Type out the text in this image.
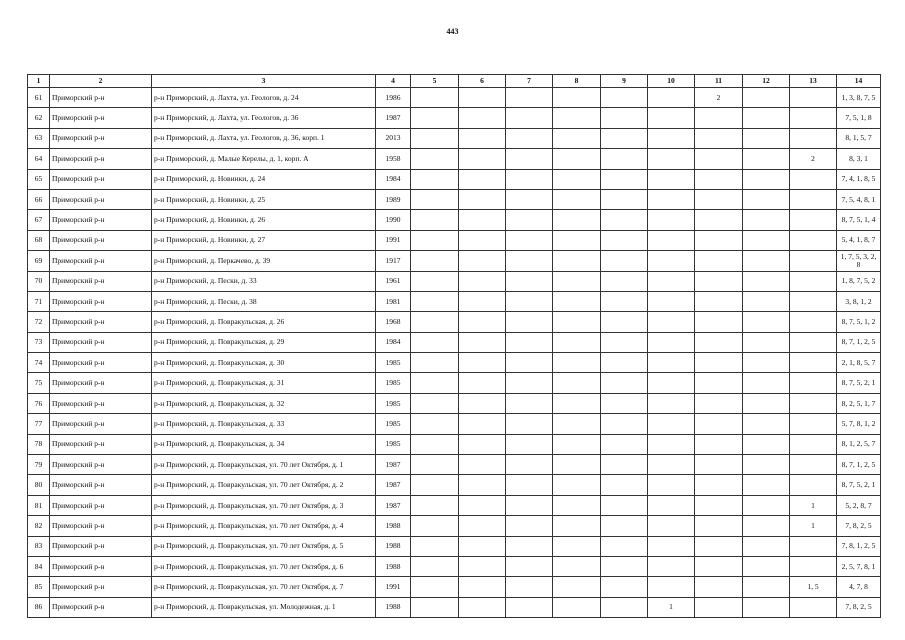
443
1	2	3	4	5	6	7	8	9	10	11	12	13	14
61	Приморский р-н	р-н Приморский, д. Лахта, ул. Геологов, д. 24	1986							2			1, 3, 8, 7, 5
62	Приморский р-н	р-н Приморский, д. Лахта, ул. Геологов, д. 36	1987										7, 5, 1, 8
63	Приморский р-н	р-н Приморский, д. Лахта, ул. Геологов, д. 36, корп. 1	2013										8, 1, 5, 7
64	Приморский р-н	р-н Приморский, д. Малые Керелы, д. 1, корп. А	1958									2	8, 3, 1
65	Приморский р-н	р-н Приморский, д. Новинки, д. 24	1984										7, 4, 1, 8, 5
66	Приморский р-н	р-н Приморский, д. Новинки, д. 25	1989										7, 5, 4, 8, 1
67	Приморский р-н	р-н Приморский, д. Новинки, д. 26	1990										8, 7, 5, 1, 4
68	Приморский р-н	р-н Приморский, д. Новинки, д. 27	1991										5, 4, 1, 8, 7
69	Приморский р-н	р-н Приморский, д. Перкачево, д. 39	1917										1, 7, 5, 3, 2, 8
70	Приморский р-н	р-н Приморский, д. Пески, д. 33	1961										1, 8, 7, 5, 2
71	Приморский р-н	р-н Приморский, д. Пески, д. 38	1981										3, 8, 1, 2
72	Приморский р-н	р-н Приморский, д. Повракульская, д. 26	1968										8, 7, 5, 1, 2
73	Приморский р-н	р-н Приморский, д. Повракульская, д. 29	1984										8, 7, 1, 2, 5
74	Приморский р-н	р-н Приморский, д. Повракульская, д. 30	1985										2, 1, 8, 5, 7
75	Приморский р-н	р-н Приморский, д. Повракульская, д. 31	1985										8, 7, 5, 2, 1
76	Приморский р-н	р-н Приморский, д. Повракульская, д. 32	1985										8, 2, 5, 1, 7
77	Приморский р-н	р-н Приморский, д. Повракульская, д. 33	1985										5, 7, 8, 1, 2
78	Приморский р-н	р-н Приморский, д. Повракульская, д. 34	1985										8, 1, 2, 5, 7
79	Приморский р-н	р-н Приморский, д. Повракульская, ул. 70 лет Октября, д. 1	1987										8, 7, 1, 2, 5
80	Приморский р-н	р-н Приморский, д. Повракульская, ул. 70 лет Октября, д. 2	1987										8, 7, 5, 2, 1
81	Приморский р-н	р-н Приморский, д. Повракульская, ул. 70 лет Октября, д. 3	1987									1	5, 2, 8, 7
82	Приморский р-н	р-н Приморский, д. Повракульская, ул. 70 лет Октября, д. 4	1988									1	7, 8, 2, 5
83	Приморский р-н	р-н Приморский, д. Повракульская, ул. 70 лет Октября, д. 5	1988										7, 8, 1, 2, 5
84	Приморский р-н	р-н Приморский, д. Повракульская, ул. 70 лет Октября, д. 6	1988										2, 5, 7, 8, 1
85	Приморский р-н	р-н Приморский, д. Повракульская, ул. 70 лет Октября, д. 7	1991									1, 5	4, 7, 8
86	Приморский р-н	р-н Приморский, д. Повракульская, ул. Молодежная, д. 1	1988						1				7, 8, 2, 5
